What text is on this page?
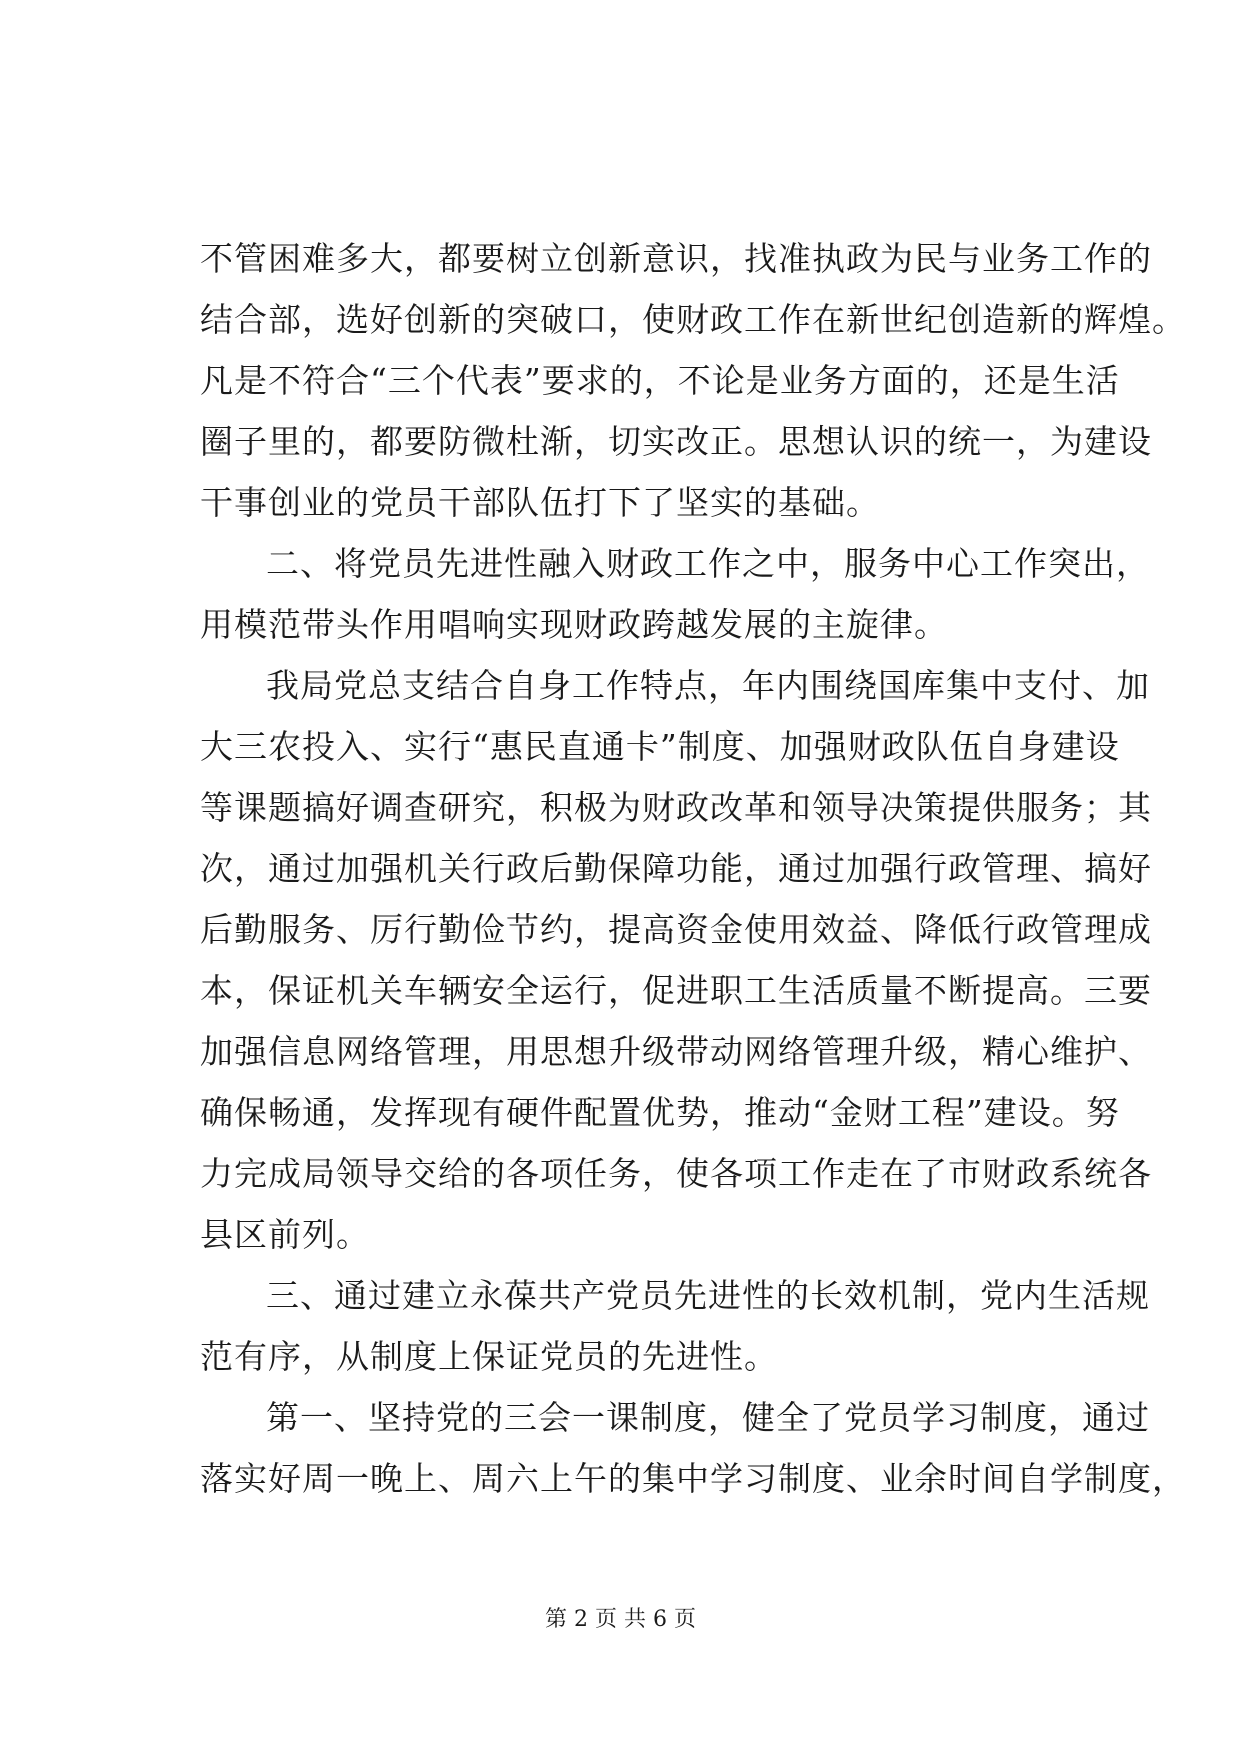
不管困难多大，都要树立创新意识，找准执政为民与业务工作的
结合部，选好创新的突破口，使财政工作在新世纪创造新的辉煌。
凡是不符合“三个代表”要求的，不论是业务方面的，还是生活
圈子里的，都要防微杜渐，切实改正。思想认识的统一，为建设
干事创业的党员干部队伍打下了坚实的基础。
二、将党员先进性融入财政工作之中，服务中心工作突出，
用模范带头作用唱响实现财政跨越发展的主旋律。
我局党总支结合自身工作特点，年内围绕国库集中支付、加
大三农投入、实行“惠民直通卡”制度、加强财政队伍自身建设
等课题搞好调查研究，积极为财政改革和领导决策提供服务；其
次，通过加强机关行政后勤保障功能，通过加强行政管理、搞好
后勤服务、厉行勤俭节约，提高资金使用效益、降低行政管理成
本，保证机关车辆安全运行，促进职工生活质量不断提高。三要
加强信息网络管理，用思想升级带动网络管理升级，精心维护、
确保畅通，发挥现有硬件配置优势，推动“金财工程”建设。努
力完成局领导交给的各项任务，使各项工作走在了市财政系统各
县区前列。
三、通过建立永葆共产党员先进性的长效机制，党内生活规
范有序，从制度上保证党员的先进性。
第一、坚持党的三会一课制度，健全了党员学习制度，通过
落实好周一晚上、周六上午的集中学习制度、业余时间自学制度，
第 2 页 共 6 页
